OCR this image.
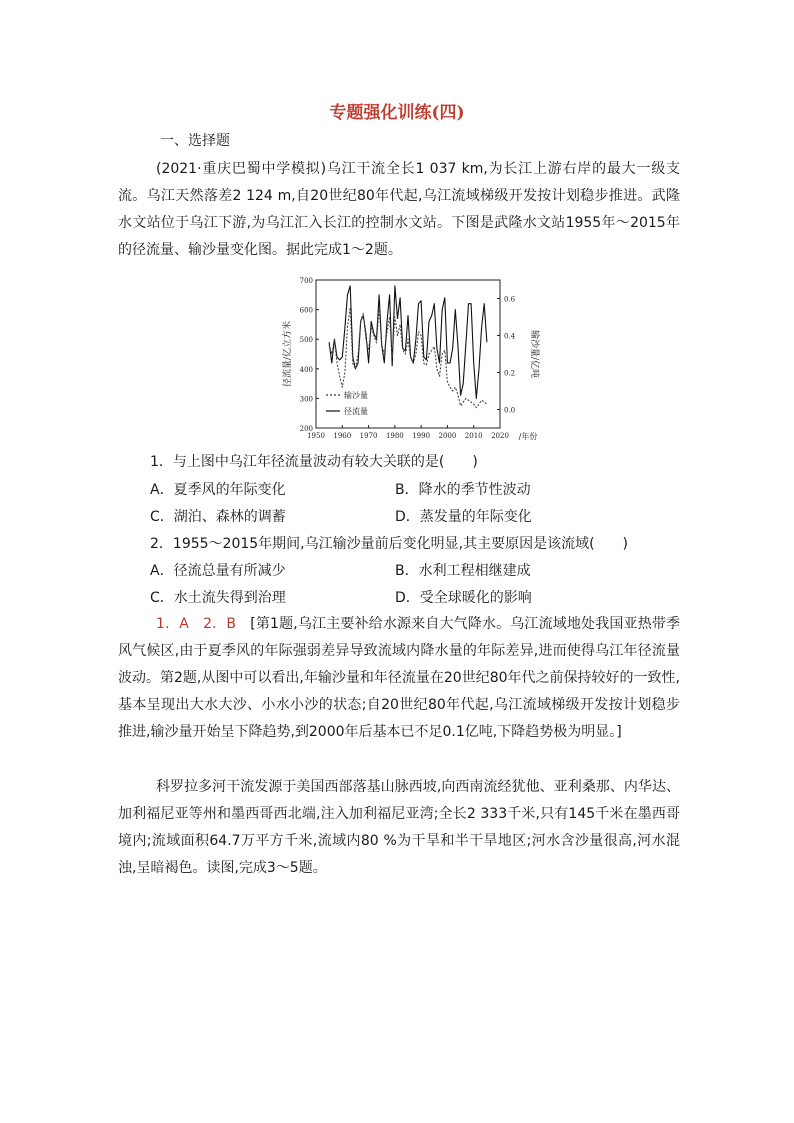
专题强化训练(四)
一、选择题

(2021·重庆巴蜀中学模拟)乌江干流全长1 037 km,为长江上游右岸的最大一级支流。乌江天然落差2 124 m,自20世纪80年代起,乌江流域梯级开发按计划稳步推进。武隆水文站位于乌江下游,为乌江汇入长江的控制水文站。下图是武隆水文站1955年～2015年的径流量、输沙量变化图。据此完成1～2题。

200
300
400
500
600
700
0.0
0.2
0.4
0.6
1950 1960 1970 1980 1990 2000 2010 2020
径流量/亿立方米	输沙量/亿吨
输沙量
径流量
/年份
1．与上图中乌江年径流量波动有较大关联的是(　　)
A．夏季风的年际变化	B．降水的季节性波动
C．湖泊、森林的调蓄	D．蒸发量的年际变化
2．1955～2015年期间,乌江输沙量前后变化明显,其主要原因是该流域(　　)
A．径流总量有所减少	B．水利工程相继建成
C．水土流失得到治理	D．受全球暖化的影响

1．A　2．B　 [第1题,乌江主要补给水源来自大气降水。乌江流域地处我国亚热带季风气候区,由于夏季风的年际强弱差异导致流域内降水量的年际差异,进而使得乌江年径流量波动。第2题,从图中可以看出,年输沙量和年径流量在20世纪80年代之前保持较好的一致性,基本呈现出大水大沙、小水小沙的状态;自20世纪80年代起,乌江流域梯级开发按计划稳步推进,输沙量开始呈下降趋势,到2000年后基本已不足0.1亿吨,下降趋势极为明显。]

科罗拉多河干流发源于美国西部落基山脉西坡,向西南流经犹他、亚利桑那、内华达、加利福尼亚等州和墨西哥西北端,注入加利福尼亚湾;全长2 333千米,只有145千米在墨西哥境内;流域面积64.7万平方千米,流域内80 %为干旱和半干旱地区;河水含沙量很高,河水混浊,呈暗褐色。读图,完成3～5题。
